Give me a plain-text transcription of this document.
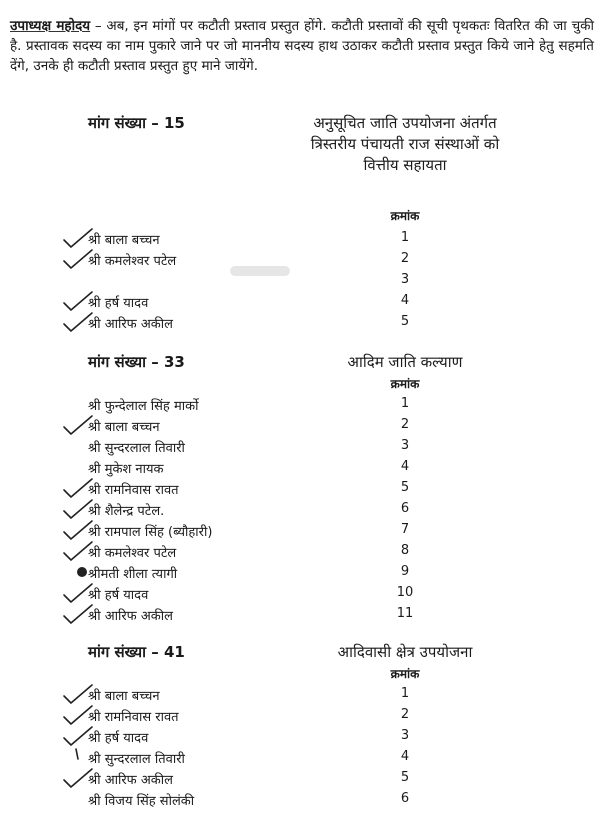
उपाध्यक्ष महोदय – अब, इन मांगों पर कटौती प्रस्ताव प्रस्तुत होंगे. कटौती प्रस्तावों की सूची पृथकतः वितरित की जा चुकी है. प्रस्तावक सदस्य का नाम पुकारे जाने पर जो माननीय सदस्य हाथ उठाकर कटौती प्रस्ताव प्रस्तुत किये जाने हेतु सहमति देंगे, उनके ही कटौती प्रस्ताव प्रस्तुत हुए माने जायेंगे.

मांग संख्या – 15	अनुसूचित जाति उपयोजना अंतर्गत त्रिस्तरीय पंचायती राज संस्थाओं को वित्तीय सहायता
क्रमांक
श्री बाला बच्चन	1
श्री कमलेश्वर पटेल	2
3
श्री हर्ष यादव	4
श्री आरिफ अकील	5
मांग संख्या – 33	आदिम जाति कल्याण
क्रमांक
श्री फुन्देलाल सिंह मार्को	1
श्री बाला बच्चन	2
श्री सुन्दरलाल तिवारी	3
श्री मुकेश नायक	4
श्री रामनिवास रावत	5
श्री शैलेन्द्र पटेल.	6
श्री रामपाल सिंह (ब्यौहारी)	7
श्री कमलेश्वर पटेल	8
श्रीमती शीला त्यागी	9
श्री हर्ष यादव	10
श्री आरिफ अकील	11
मांग संख्या – 41	आदिवासी क्षेत्र उपयोजना
क्रमांक
श्री बाला बच्चन	1
श्री रामनिवास रावत	2
श्री हर्ष यादव	3
श्री सुन्दरलाल तिवारी	4
श्री आरिफ अकील	5
श्री विजय सिंह सोलंकी	6
